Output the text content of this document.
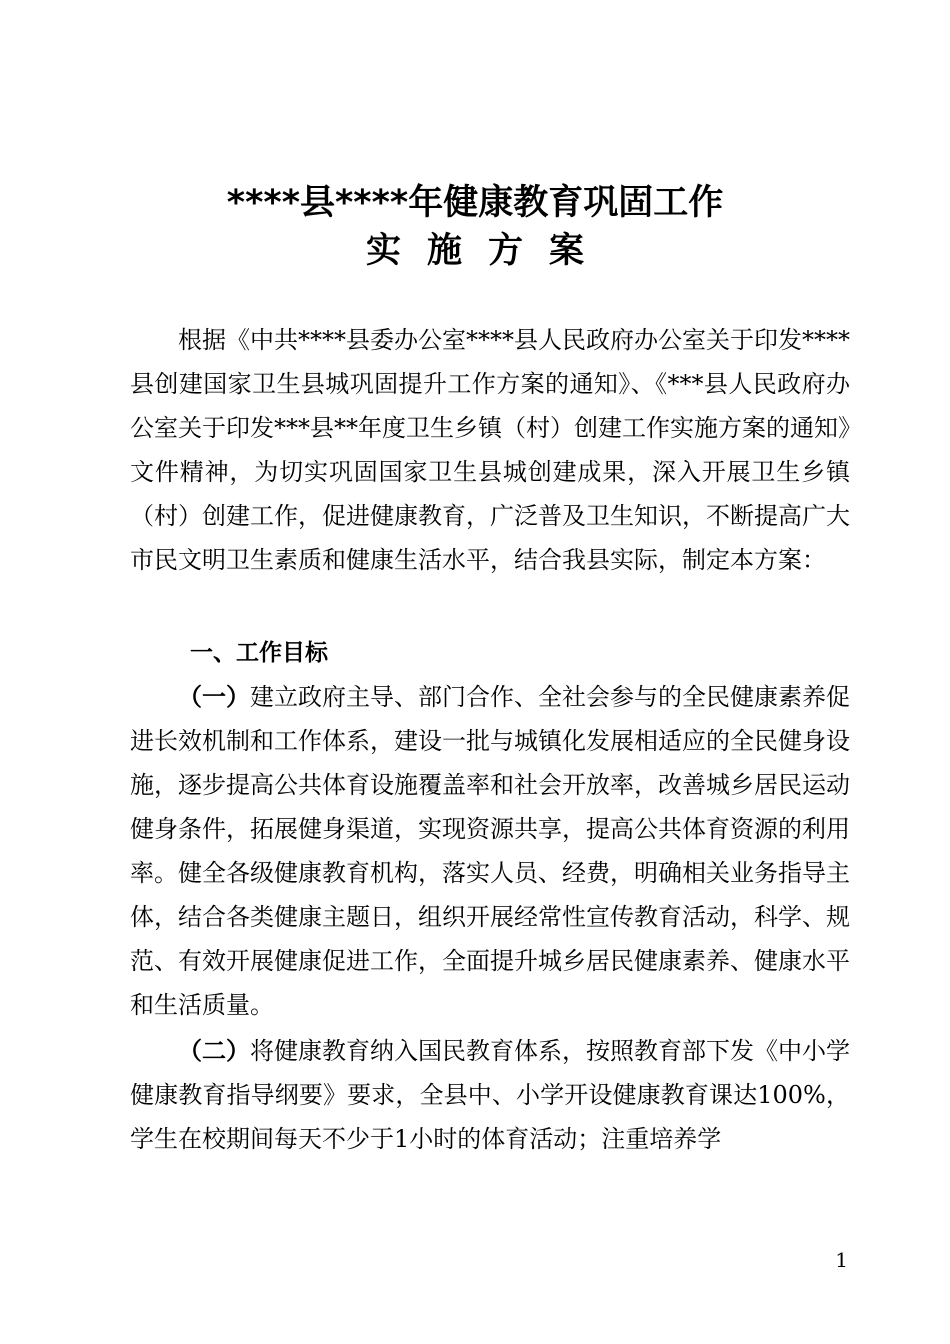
****县****年健康教育巩固工作
实施方案

根据《中共****县委办公室****县人民政府办公室关于印发****县创建国家卫生县城巩固提升工作方案的通知》、《***县人民政府办公室关于印发***县**年度卫生乡镇（村）创建工作实施方案的通知》文件精神，为切实巩固国家卫生县城创建成果，深入开展卫生乡镇（村）创建工作，促进健康教育，广泛普及卫生知识，不断提高广大市民文明卫生素质和健康生活水平，结合我县实际，制定本方案：

一、工作目标

（一）建立政府主导、部门合作、全社会参与的全民健康素养促进长效机制和工作体系，建设一批与城镇化发展相适应的全民健身设施，逐步提高公共体育设施覆盖率和社会开放率，改善城乡居民运动健身条件，拓展健身渠道，实现资源共享，提高公共体育资源的利用率。健全各级健康教育机构，落实人员、经费，明确相关业务指导主体，结合各类健康主题日，组织开展经常性宣传教育活动，科学、规范、有效开展健康促进工作，全面提升城乡居民健康素养、健康水平和生活质量。

（二）将健康教育纳入国民教育体系，按照教育部下发《中小学健康教育指导纲要》要求，全县中、小学开设健康教育课达100%，学生在校期间每天不少于1小时的体育活动；注重培养学

1
